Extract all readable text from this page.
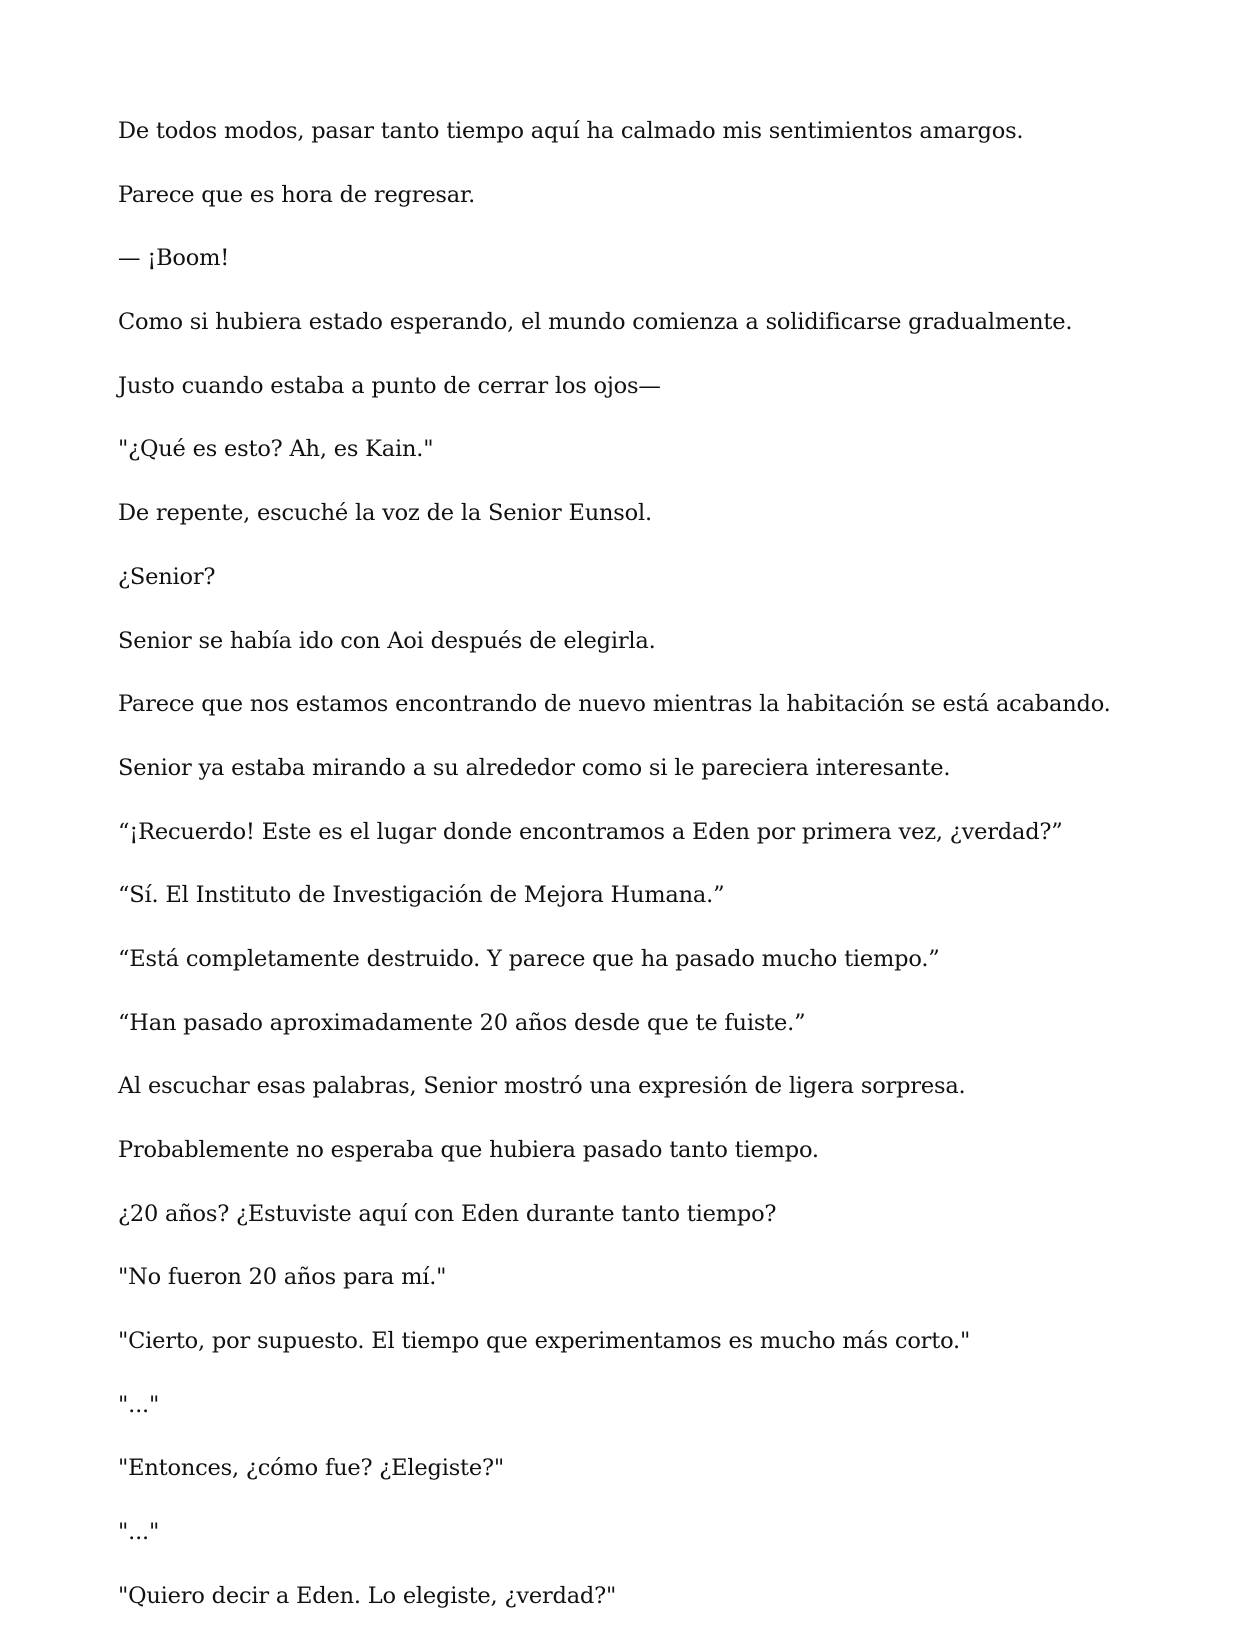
De todos modos, pasar tanto tiempo aquí ha calmado mis sentimientos amargos.

Parece que es hora de regresar.

— ¡Boom!

Como si hubiera estado esperando, el mundo comienza a solidificarse gradualmente.

Justo cuando estaba a punto de cerrar los ojos—

"¿Qué es esto? Ah, es Kain."

De repente, escuché la voz de la Senior Eunsol.

¿Senior?

Senior se había ido con Aoi después de elegirla.

Parece que nos estamos encontrando de nuevo mientras la habitación se está acabando.

Senior ya estaba mirando a su alrededor como si le pareciera interesante.

“¡Recuerdo! Este es el lugar donde encontramos a Eden por primera vez, ¿verdad?”

“Sí. El Instituto de Investigación de Mejora Humana.”

“Está completamente destruido. Y parece que ha pasado mucho tiempo.”

“Han pasado aproximadamente 20 años desde que te fuiste.”

Al escuchar esas palabras, Senior mostró una expresión de ligera sorpresa.

Probablemente no esperaba que hubiera pasado tanto tiempo.

¿20 años? ¿Estuviste aquí con Eden durante tanto tiempo?

"No fueron 20 años para mí."

"Cierto, por supuesto. El tiempo que experimentamos es mucho más corto."

"..."

"Entonces, ¿cómo fue? ¿Elegiste?"

"..."

"Quiero decir a Eden. Lo elegiste, ¿verdad?"
